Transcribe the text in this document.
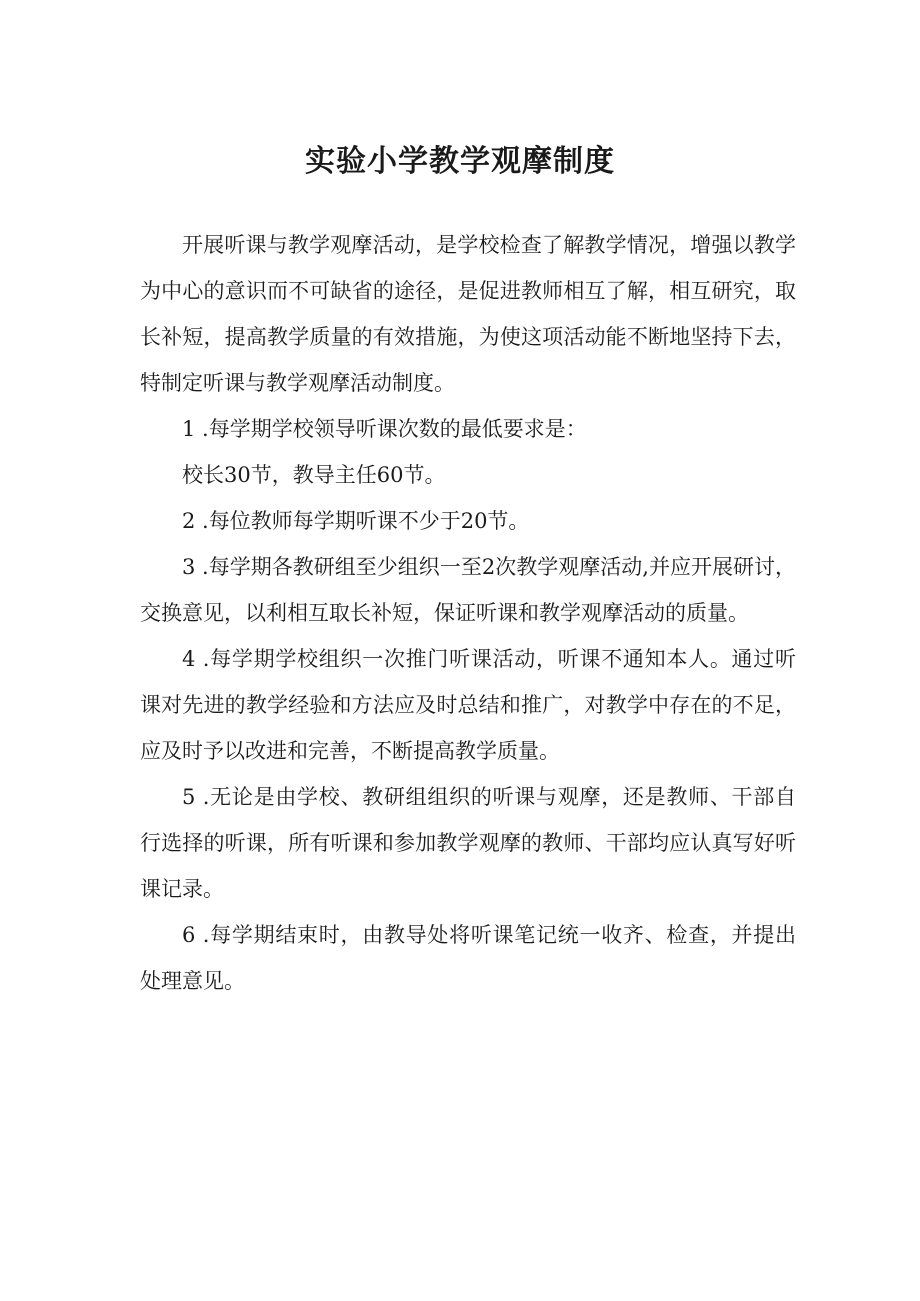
实验小学教学观摩制度

开展听课与教学观摩活动，是学校检查了解教学情况，增强以教学为中心的意识而不可缺省的途径，是促进教师相互了解，相互研究，取长补短，提高教学质量的有效措施，为使这项活动能不断地坚持下去，特制定听课与教学观摩活动制度。

1 .每学期学校领导听课次数的最低要求是：

校长30节，教导主任60节。

2 .每位教师每学期听课不少于20节。

3 .每学期各教研组至少组织一至2次教学观摩活动,并应开展研讨，交换意见，以利相互取长补短，保证听课和教学观摩活动的质量。

4 .每学期学校组织一次推门听课活动，听课不通知本人。通过听课对先进的教学经验和方法应及时总结和推广，对教学中存在的不足，应及时予以改进和完善，不断提高教学质量。

5 .无论是由学校、教研组组织的听课与观摩，还是教师、干部自行选择的听课，所有听课和参加教学观摩的教师、干部均应认真写好听课记录。

6 .每学期结束时，由教导处将听课笔记统一收齐、检查，并提出处理意见。
